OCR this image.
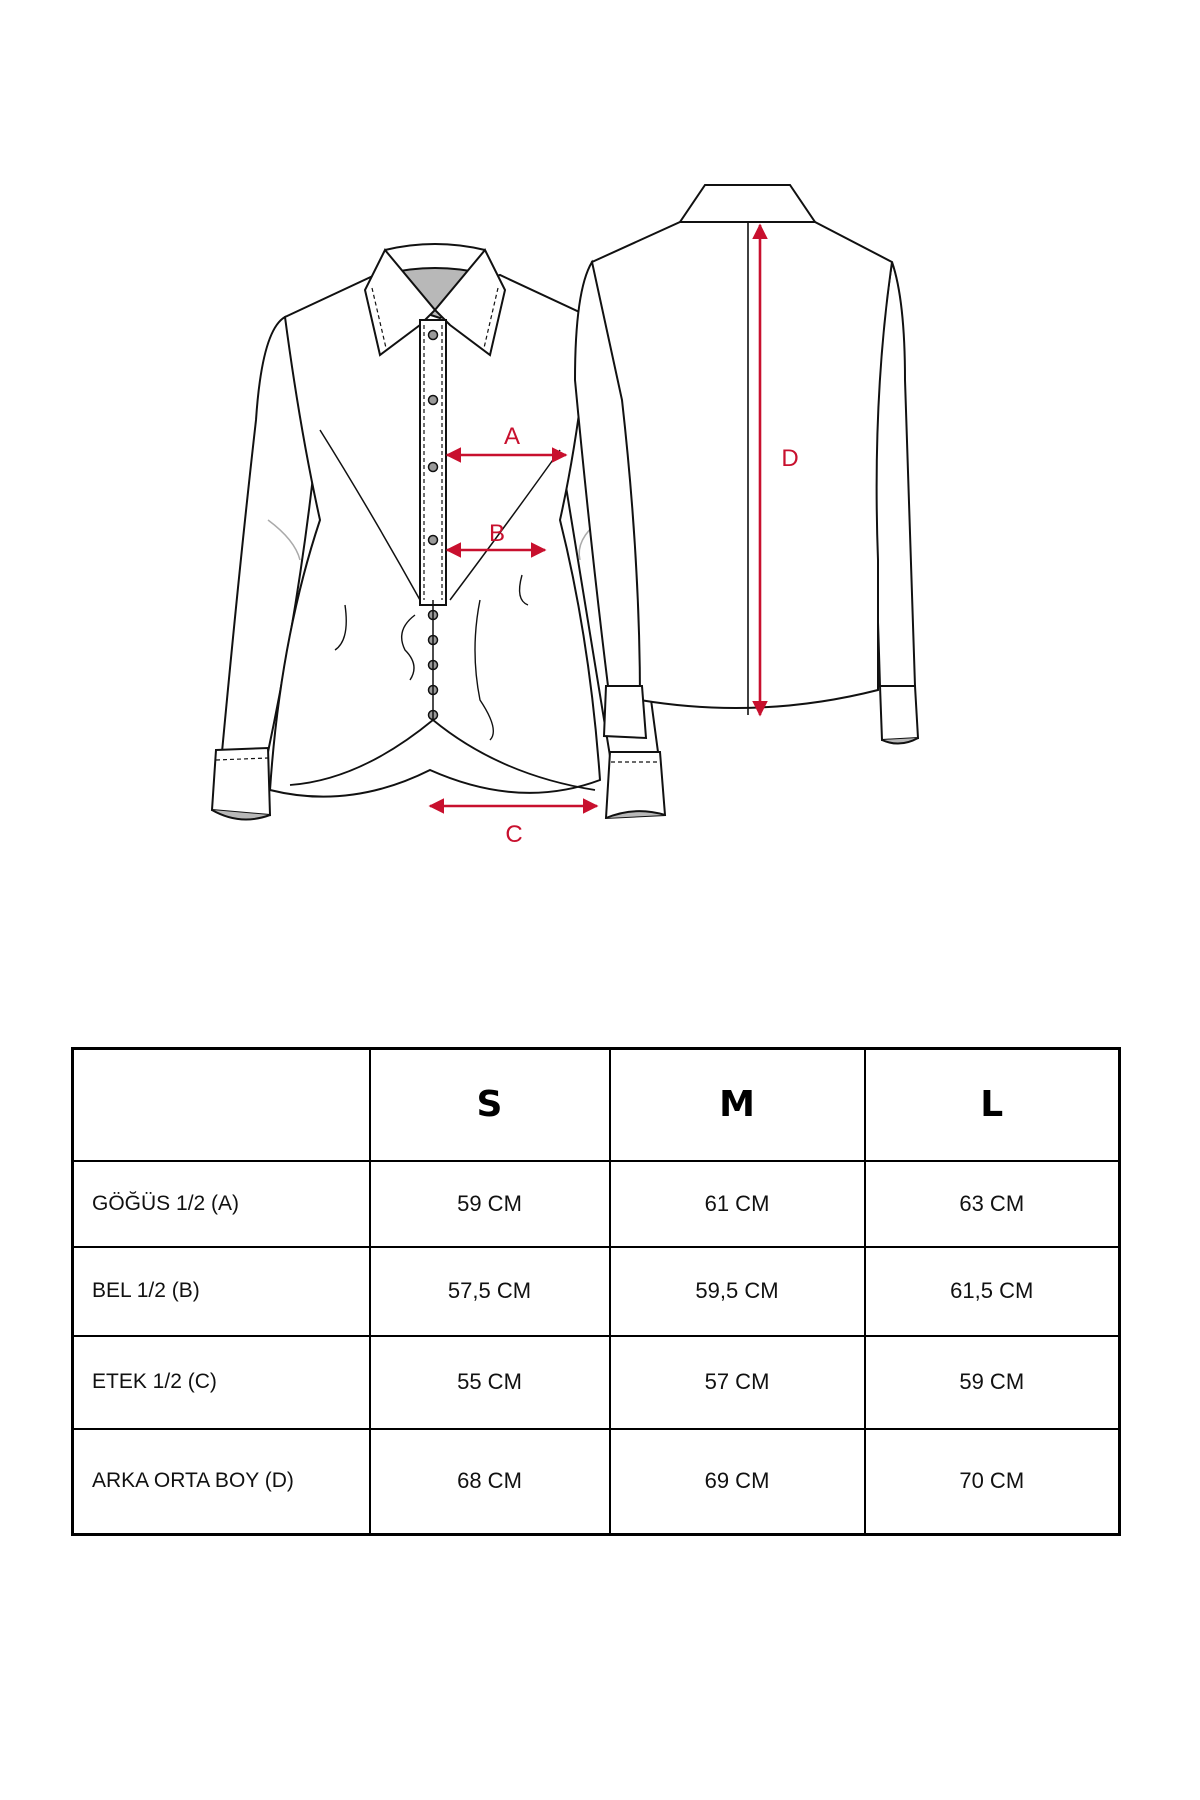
A
B
C
D
	S	M	L
GÖĞÜS 1/2 (A)	59 CM	61 CM	63 CM
BEL 1/2 (B)	57,5 CM	59,5 CM	61,5 CM
ETEK 1/2 (C)	55 CM	57 CM	59 CM
ARKA ORTA BOY (D)	68 CM	69 CM	70 CM
